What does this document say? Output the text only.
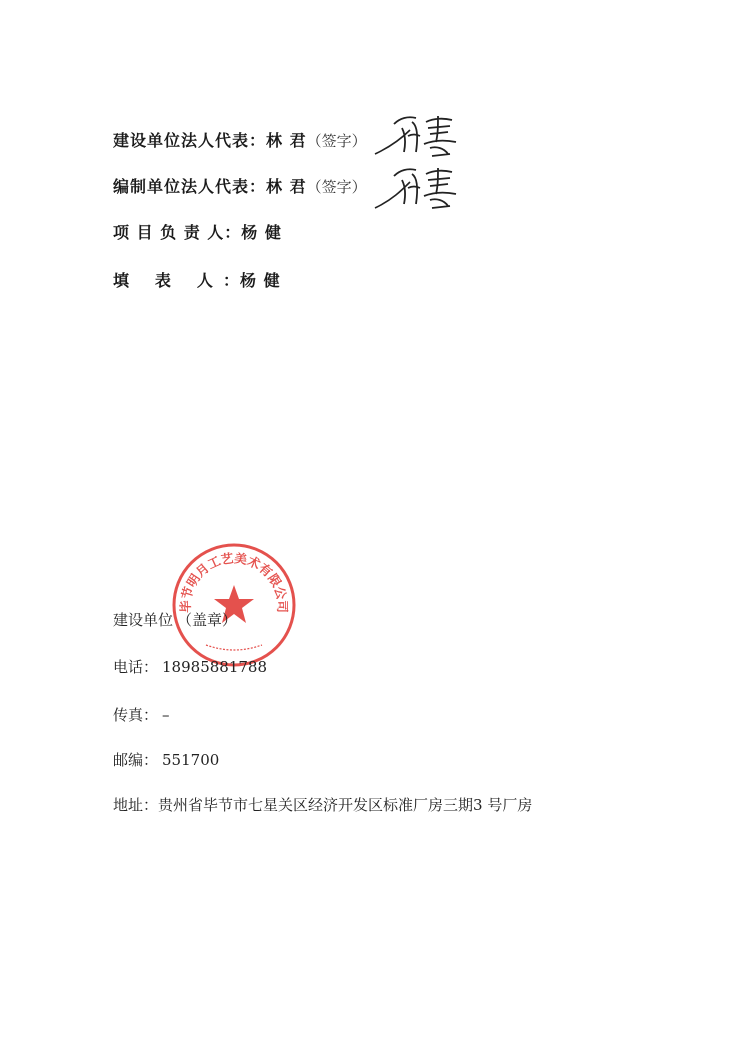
建设单位法人代表：林 君（签字）
编制单位法人代表：林 君（签字）
项 目 负 责 人：杨 健
填 表 人：杨 健
毕节明月工艺美术有限公司
建设单位 （盖章）
电话： 18985881788
传真： –
邮编： 551700
地址：贵州省毕节市七星关区经济开发区标准厂房三期3 号厂房
